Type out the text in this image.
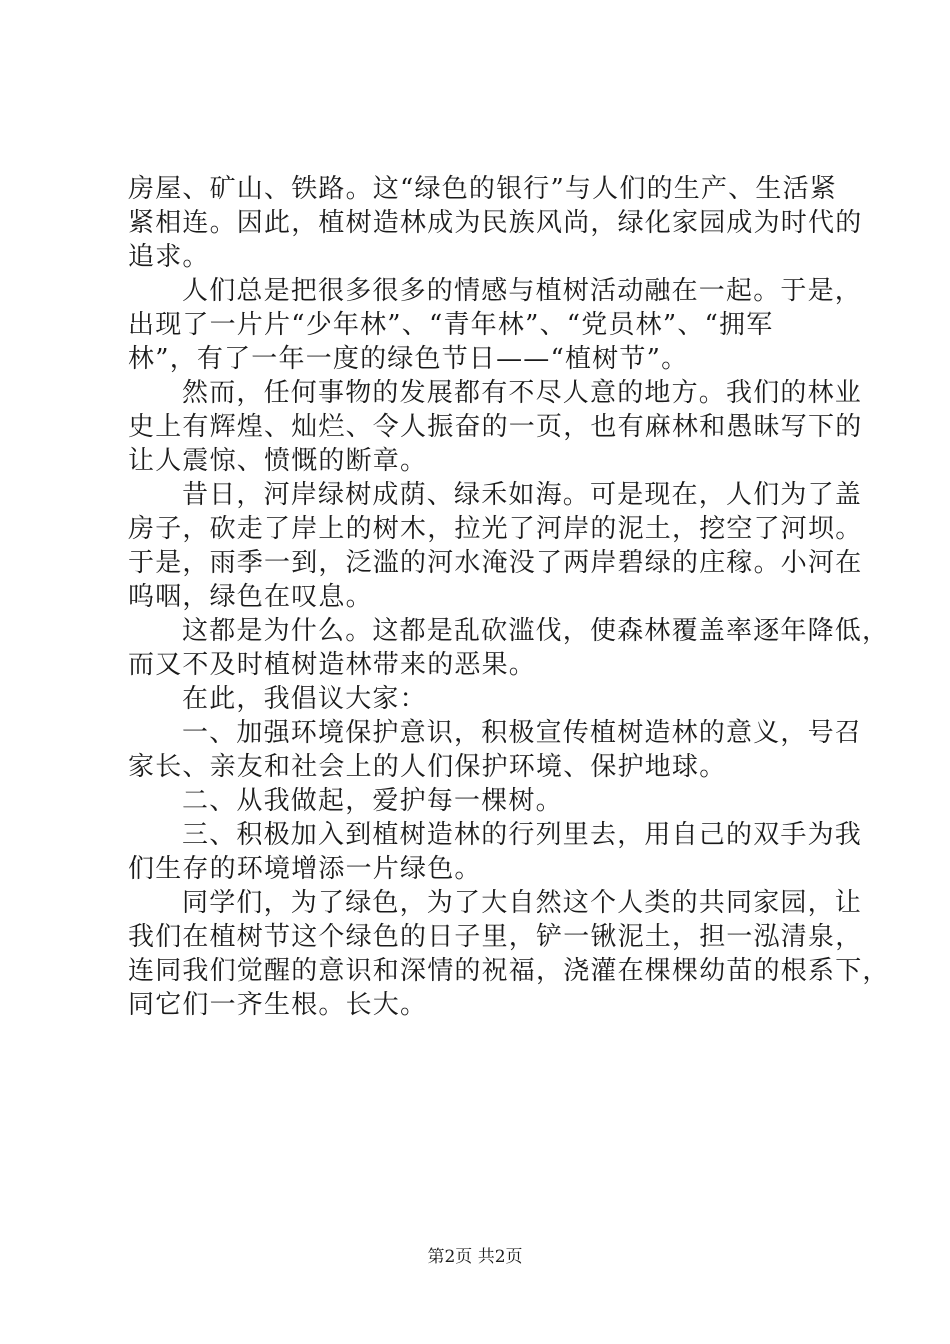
房屋、矿山、铁路。这“绿色的银行”与人们的生产、生活紧
紧相连。因此，植树造林成为民族风尚，绿化家园成为时代的
追求。
人们总是把很多很多的情感与植树活动融在一起。于是，
出现了一片片“少年林”、“青年林”、“党员林”、“拥军
林”，有了一年一度的绿色节日——“植树节”。
然而，任何事物的发展都有不尽人意的地方。我们的林业
史上有辉煌、灿烂、令人振奋的一页，也有麻林和愚昧写下的
让人震惊、愤慨的断章。
昔日，河岸绿树成荫、绿禾如海。可是现在，人们为了盖
房子，砍走了岸上的树木，拉光了河岸的泥土，挖空了河坝。
于是，雨季一到，泛滥的河水淹没了两岸碧绿的庄稼。小河在
呜咽，绿色在叹息。
这都是为什么。这都是乱砍滥伐，使森林覆盖率逐年降低，
而又不及时植树造林带来的恶果。
在此，我倡议大家：
一、加强环境保护意识，积极宣传植树造林的意义，号召
家长、亲友和社会上的人们保护环境、保护地球。
二、从我做起，爱护每一棵树。
三、积极加入到植树造林的行列里去，用自己的双手为我
们生存的环境增添一片绿色。
同学们，为了绿色，为了大自然这个人类的共同家园，让
我们在植树节这个绿色的日子里，铲一锹泥土，担一泓清泉，
连同我们觉醒的意识和深情的祝福，浇灌在棵棵幼苗的根系下，
同它们一齐生根。长大。
第2页 共2页
